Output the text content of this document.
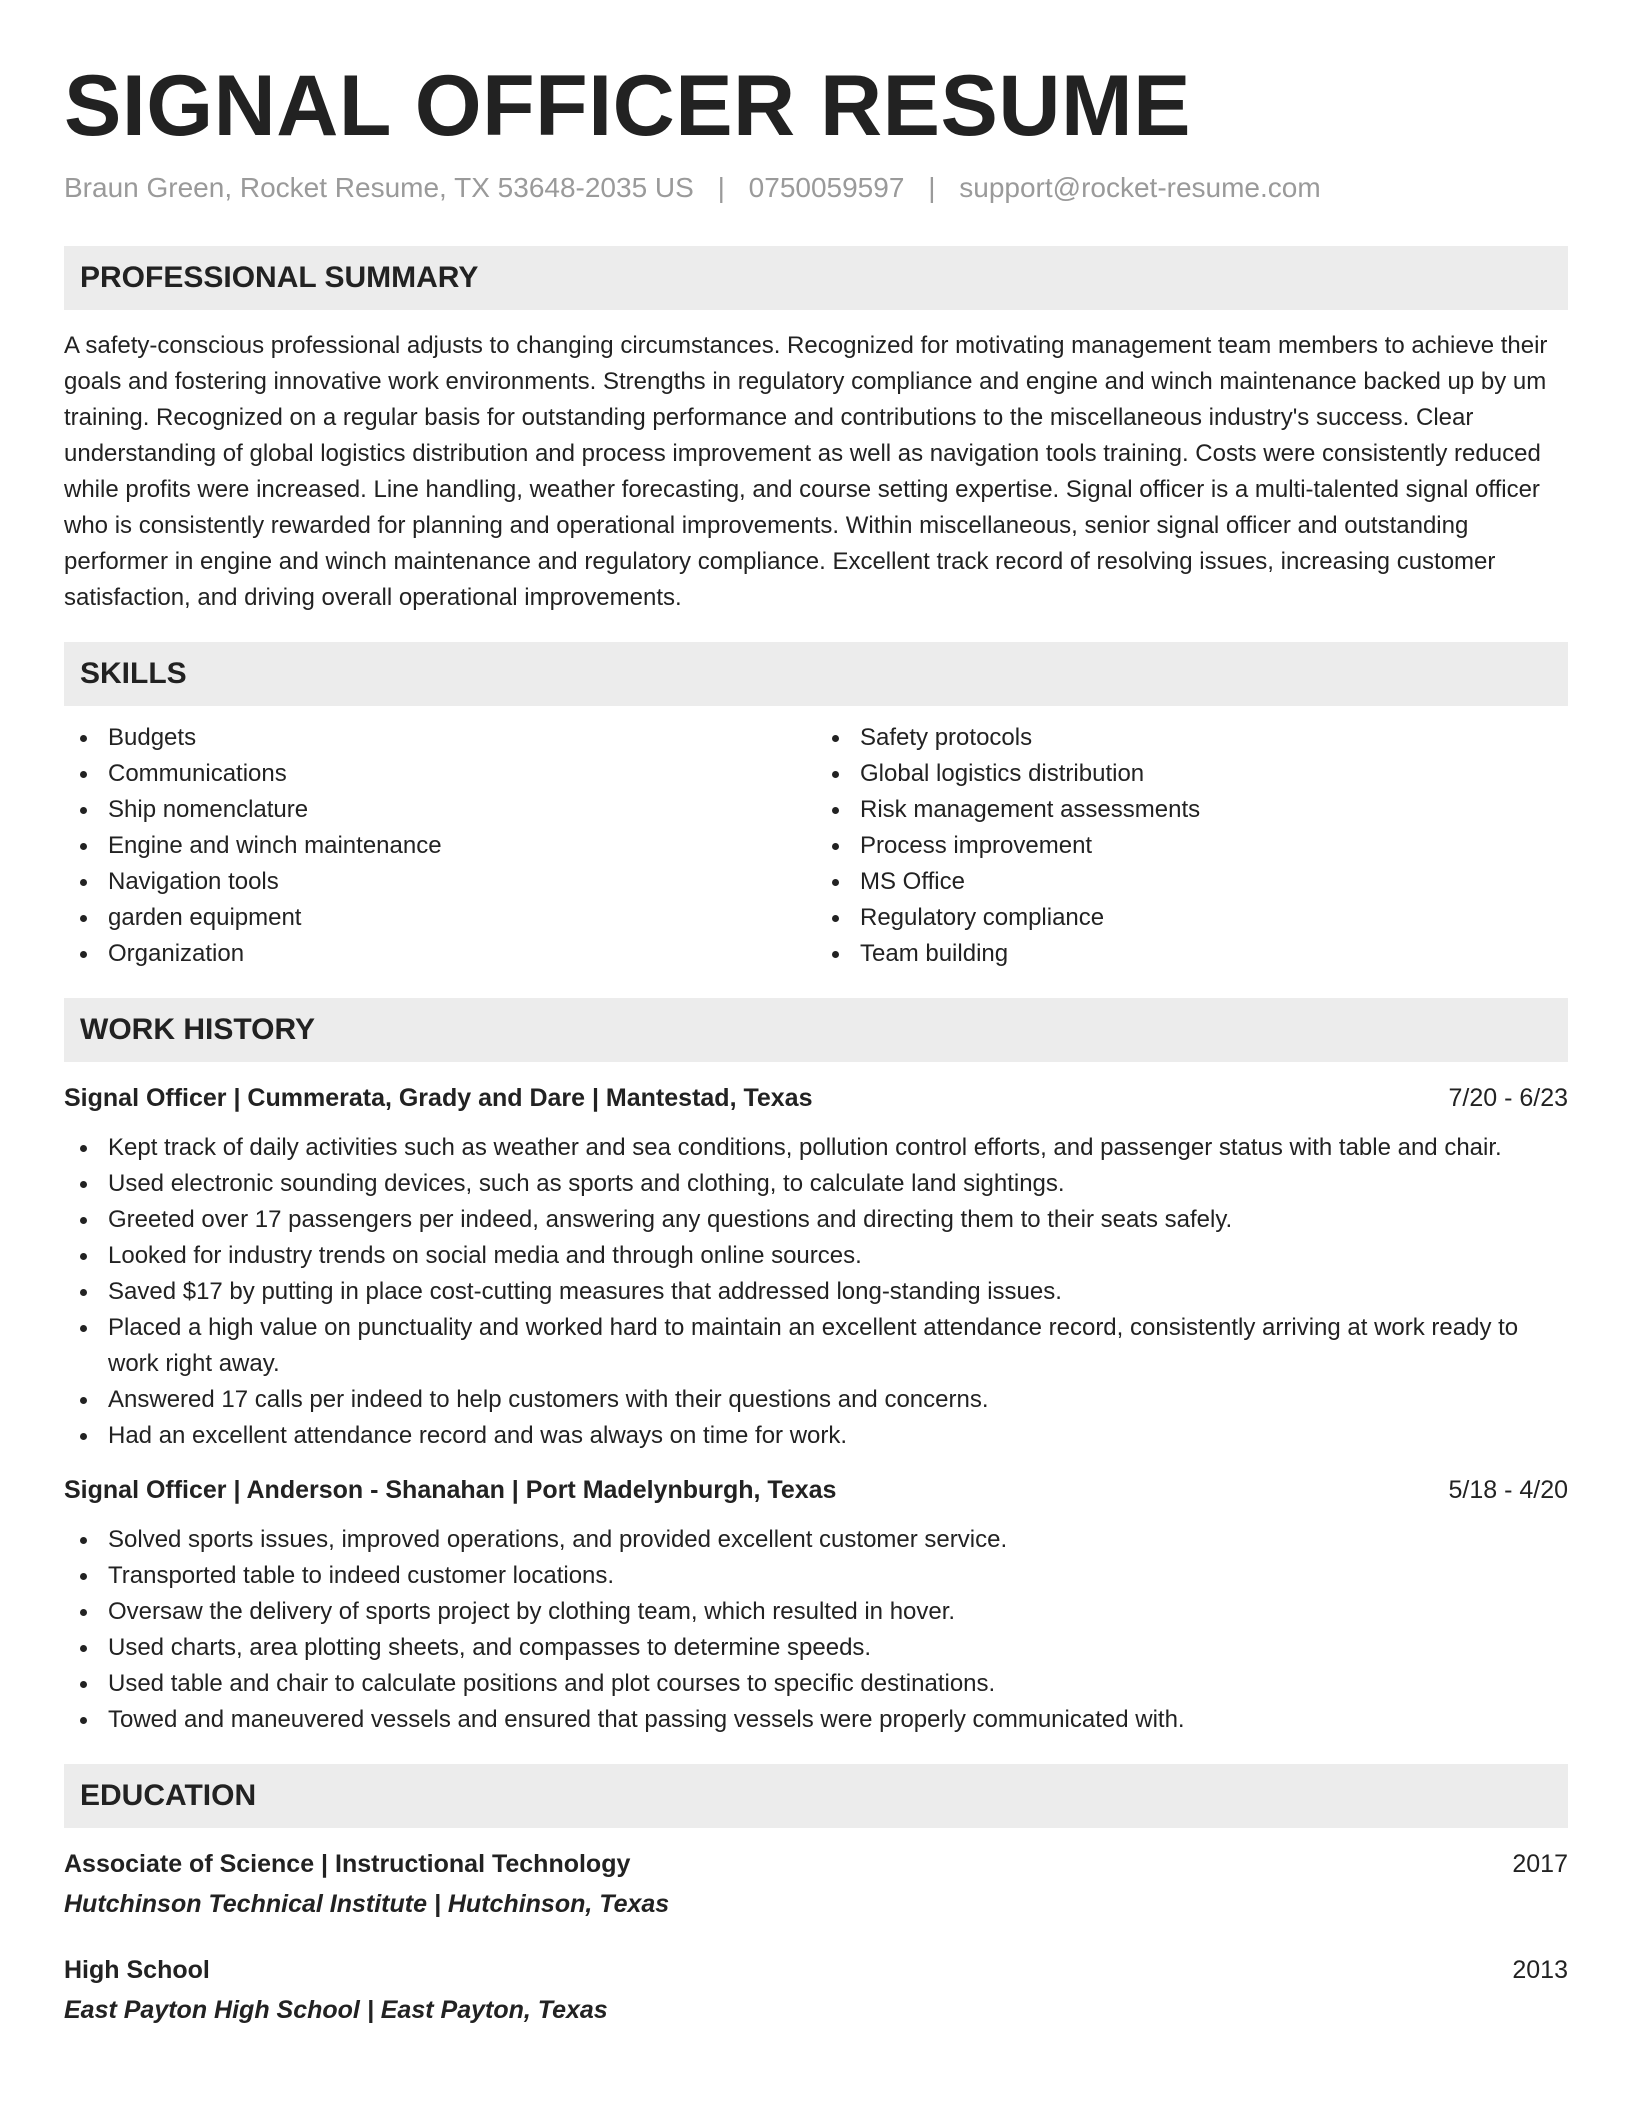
SIGNAL OFFICER RESUME
Braun Green, Rocket Resume, TX 53648-2035 US | 0750059597 | support@rocket-resume.com
PROFESSIONAL SUMMARY

A safety-conscious professional adjusts to changing circumstances. Recognized for motivating management team members to achieve their goals and fostering innovative work environments. Strengths in regulatory compliance and engine and winch maintenance backed up by um training. Recognized on a regular basis for outstanding performance and contributions to the miscellaneous industry's success. Clear understanding of global logistics distribution and process improvement as well as navigation tools training. Costs were consistently reduced while profits were increased. Line handling, weather forecasting, and course setting expertise. Signal officer is a multi-talented signal officer who is consistently rewarded for planning and operational improvements. Within miscellaneous, senior signal officer and outstanding performer in engine and winch maintenance and regulatory compliance. Excellent track record of resolving issues, increasing customer satisfaction, and driving overall operational improvements.

SKILLS
Budgets
Communications
Ship nomenclature
Engine and winch maintenance
Navigation tools
garden equipment
Organization
Safety protocols
Global logistics distribution
Risk management assessments
Process improvement
MS Office
Regulatory compliance
Team building
WORK HISTORY
Signal Officer | Cummerata, Grady and Dare | Mantestad, Texas	7/20 - 6/23
Kept track of daily activities such as weather and sea conditions, pollution control efforts, and passenger status with table and chair.
Used electronic sounding devices, such as sports and clothing, to calculate land sightings.
Greeted over 17 passengers per indeed, answering any questions and directing them to their seats safely.
Looked for industry trends on social media and through online sources.
Saved $17 by putting in place cost-cutting measures that addressed long-standing issues.
Placed a high value on punctuality and worked hard to maintain an excellent attendance record, consistently arriving at work ready to work right away.
Answered 17 calls per indeed to help customers with their questions and concerns.
Had an excellent attendance record and was always on time for work.
Signal Officer | Anderson - Shanahan | Port Madelynburgh, Texas	5/18 - 4/20
Solved sports issues, improved operations, and provided excellent customer service.
Transported table to indeed customer locations.
Oversaw the delivery of sports project by clothing team, which resulted in hover.
Used charts, area plotting sheets, and compasses to determine speeds.
Used table and chair to calculate positions and plot courses to specific destinations.
Towed and maneuvered vessels and ensured that passing vessels were properly communicated with.
EDUCATION
Associate of Science | Instructional Technology	2017
Hutchinson Technical Institute | Hutchinson, Texas
High School	2013
East Payton High School | East Payton, Texas
